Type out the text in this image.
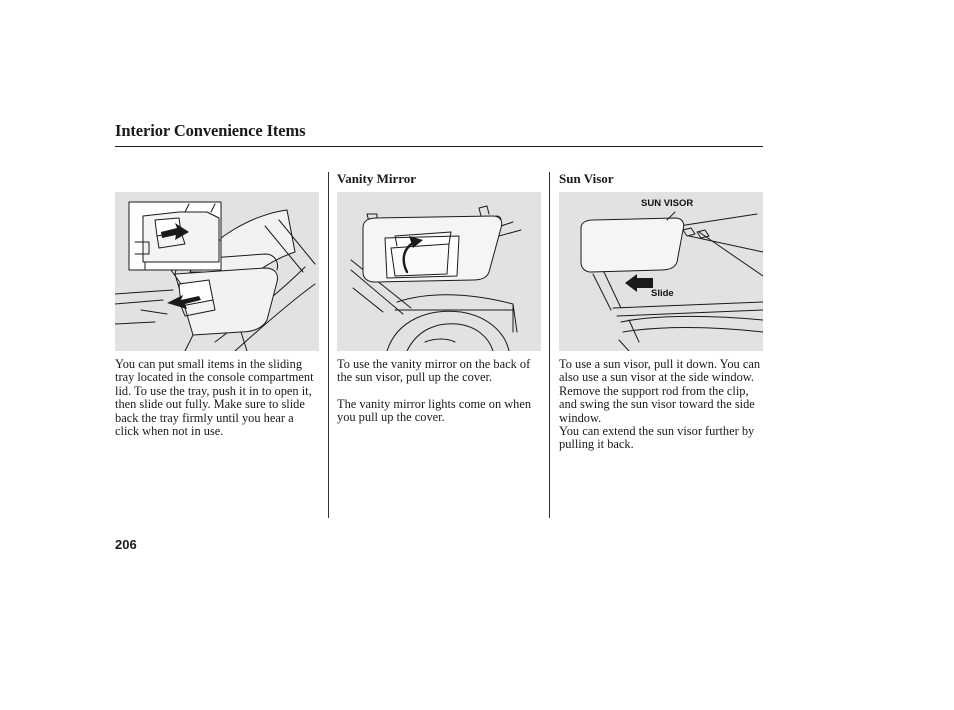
Interior Convenience Items
Vanity Mirror	Sun Visor
SUN VISOR
Slide

You can put small items in the sliding tray located in the console compartment lid. To use the tray, push it in to open it, then slide out fully. Make sure to slide back the tray firmly until you hear a click when not in use.

To use the vanity mirror on the back of the sun visor, pull up the cover.

The vanity mirror lights come on when you pull up the cover.

To use a sun visor, pull it down. You can also use a sun visor at the side window. Remove the support rod from the clip, and swing the sun visor toward the side window.

You can extend the sun visor further by pulling it back.

206
